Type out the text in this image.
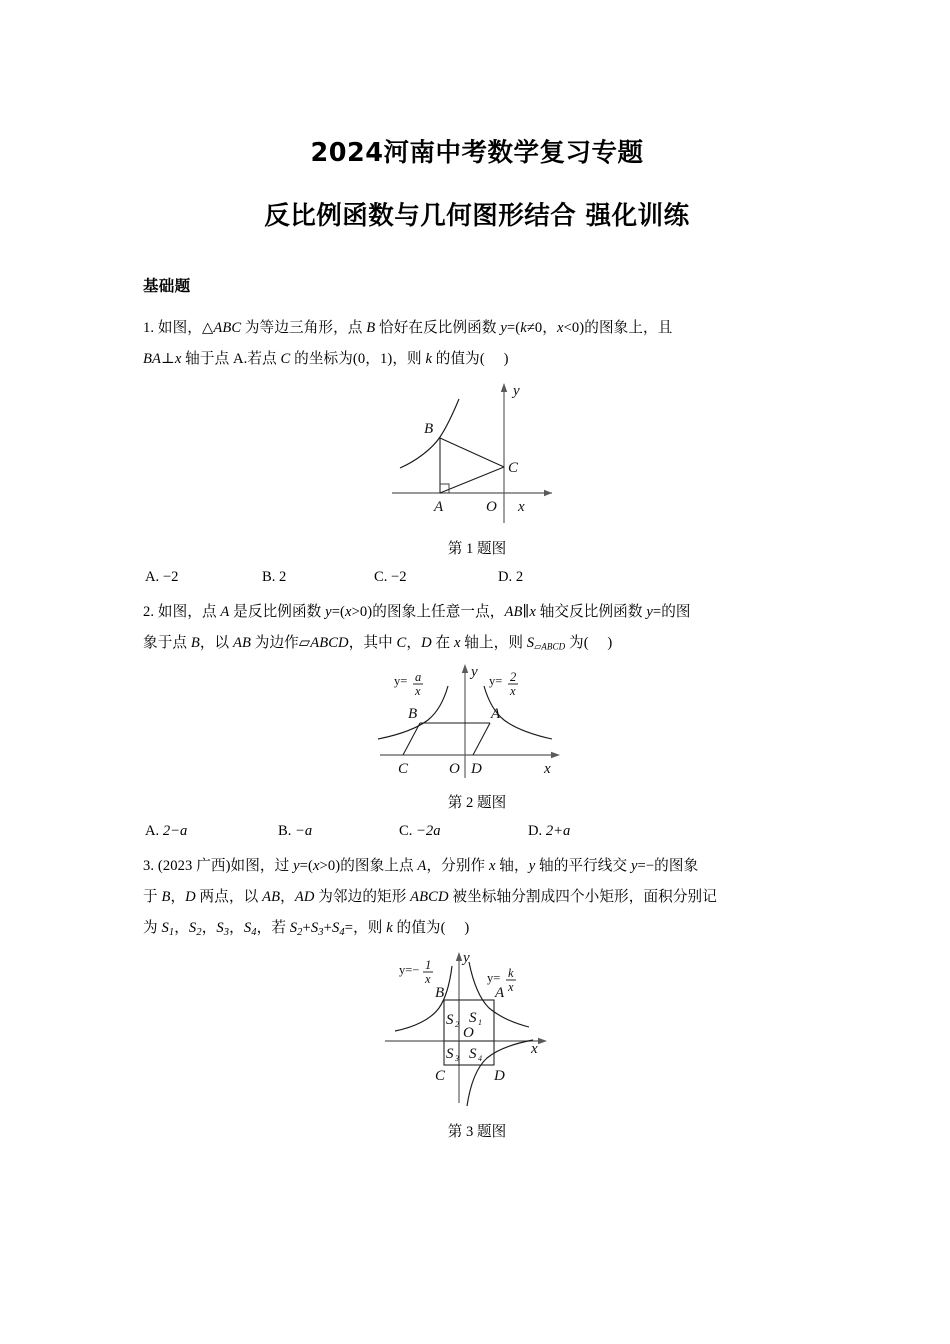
2024河南中考数学复习专题
反比例函数与几何图形结合 强化训练
基础题
1. 如图，△ABC 为等边三角形，点 B 恰好在反比例函数 y=(k≠0，x<0)的图象上，且
BA⊥x 轴于点 A.若点 C 的坐标为(0，1)，则 k 的值为(     )
B
A
C
O x
y
第 1 题图
A. −2	B. 2	C. −2	D. 2
2. 如图，点 A 是反比例函数 y=(x>0)的图象上任意一点，AB∥x 轴交反比例函数 y=的图
象于点 B，以 AB 为边作▱ABCD，其中 C，D 在 x 轴上，则 S▱ABCD 为(     )
y= a
x
y= 2
x
B	A
C	O D	x
y
第 2 题图
A. 2−a	B. −a	C. −2a	D. 2+a
3. (2023 广西)如图，过 y=(x>0)的图象上点 A，分别作 x 轴，y 轴的平行线交 y=−的图象
于 B，D 两点，以 AB，AD 为邻边的矩形 ABCD 被坐标轴分割成四个小矩形，面积分别记
为 $S_1$，$S_2$，$S_3$，$S_4$，若 $S_2+S_3+S_4=$，则 k 的值为(     )
S 2 S 1
S 3 S 4
y=− 1
x	y= k
x
B	A
C	D
O
x
y
第 3 题图
